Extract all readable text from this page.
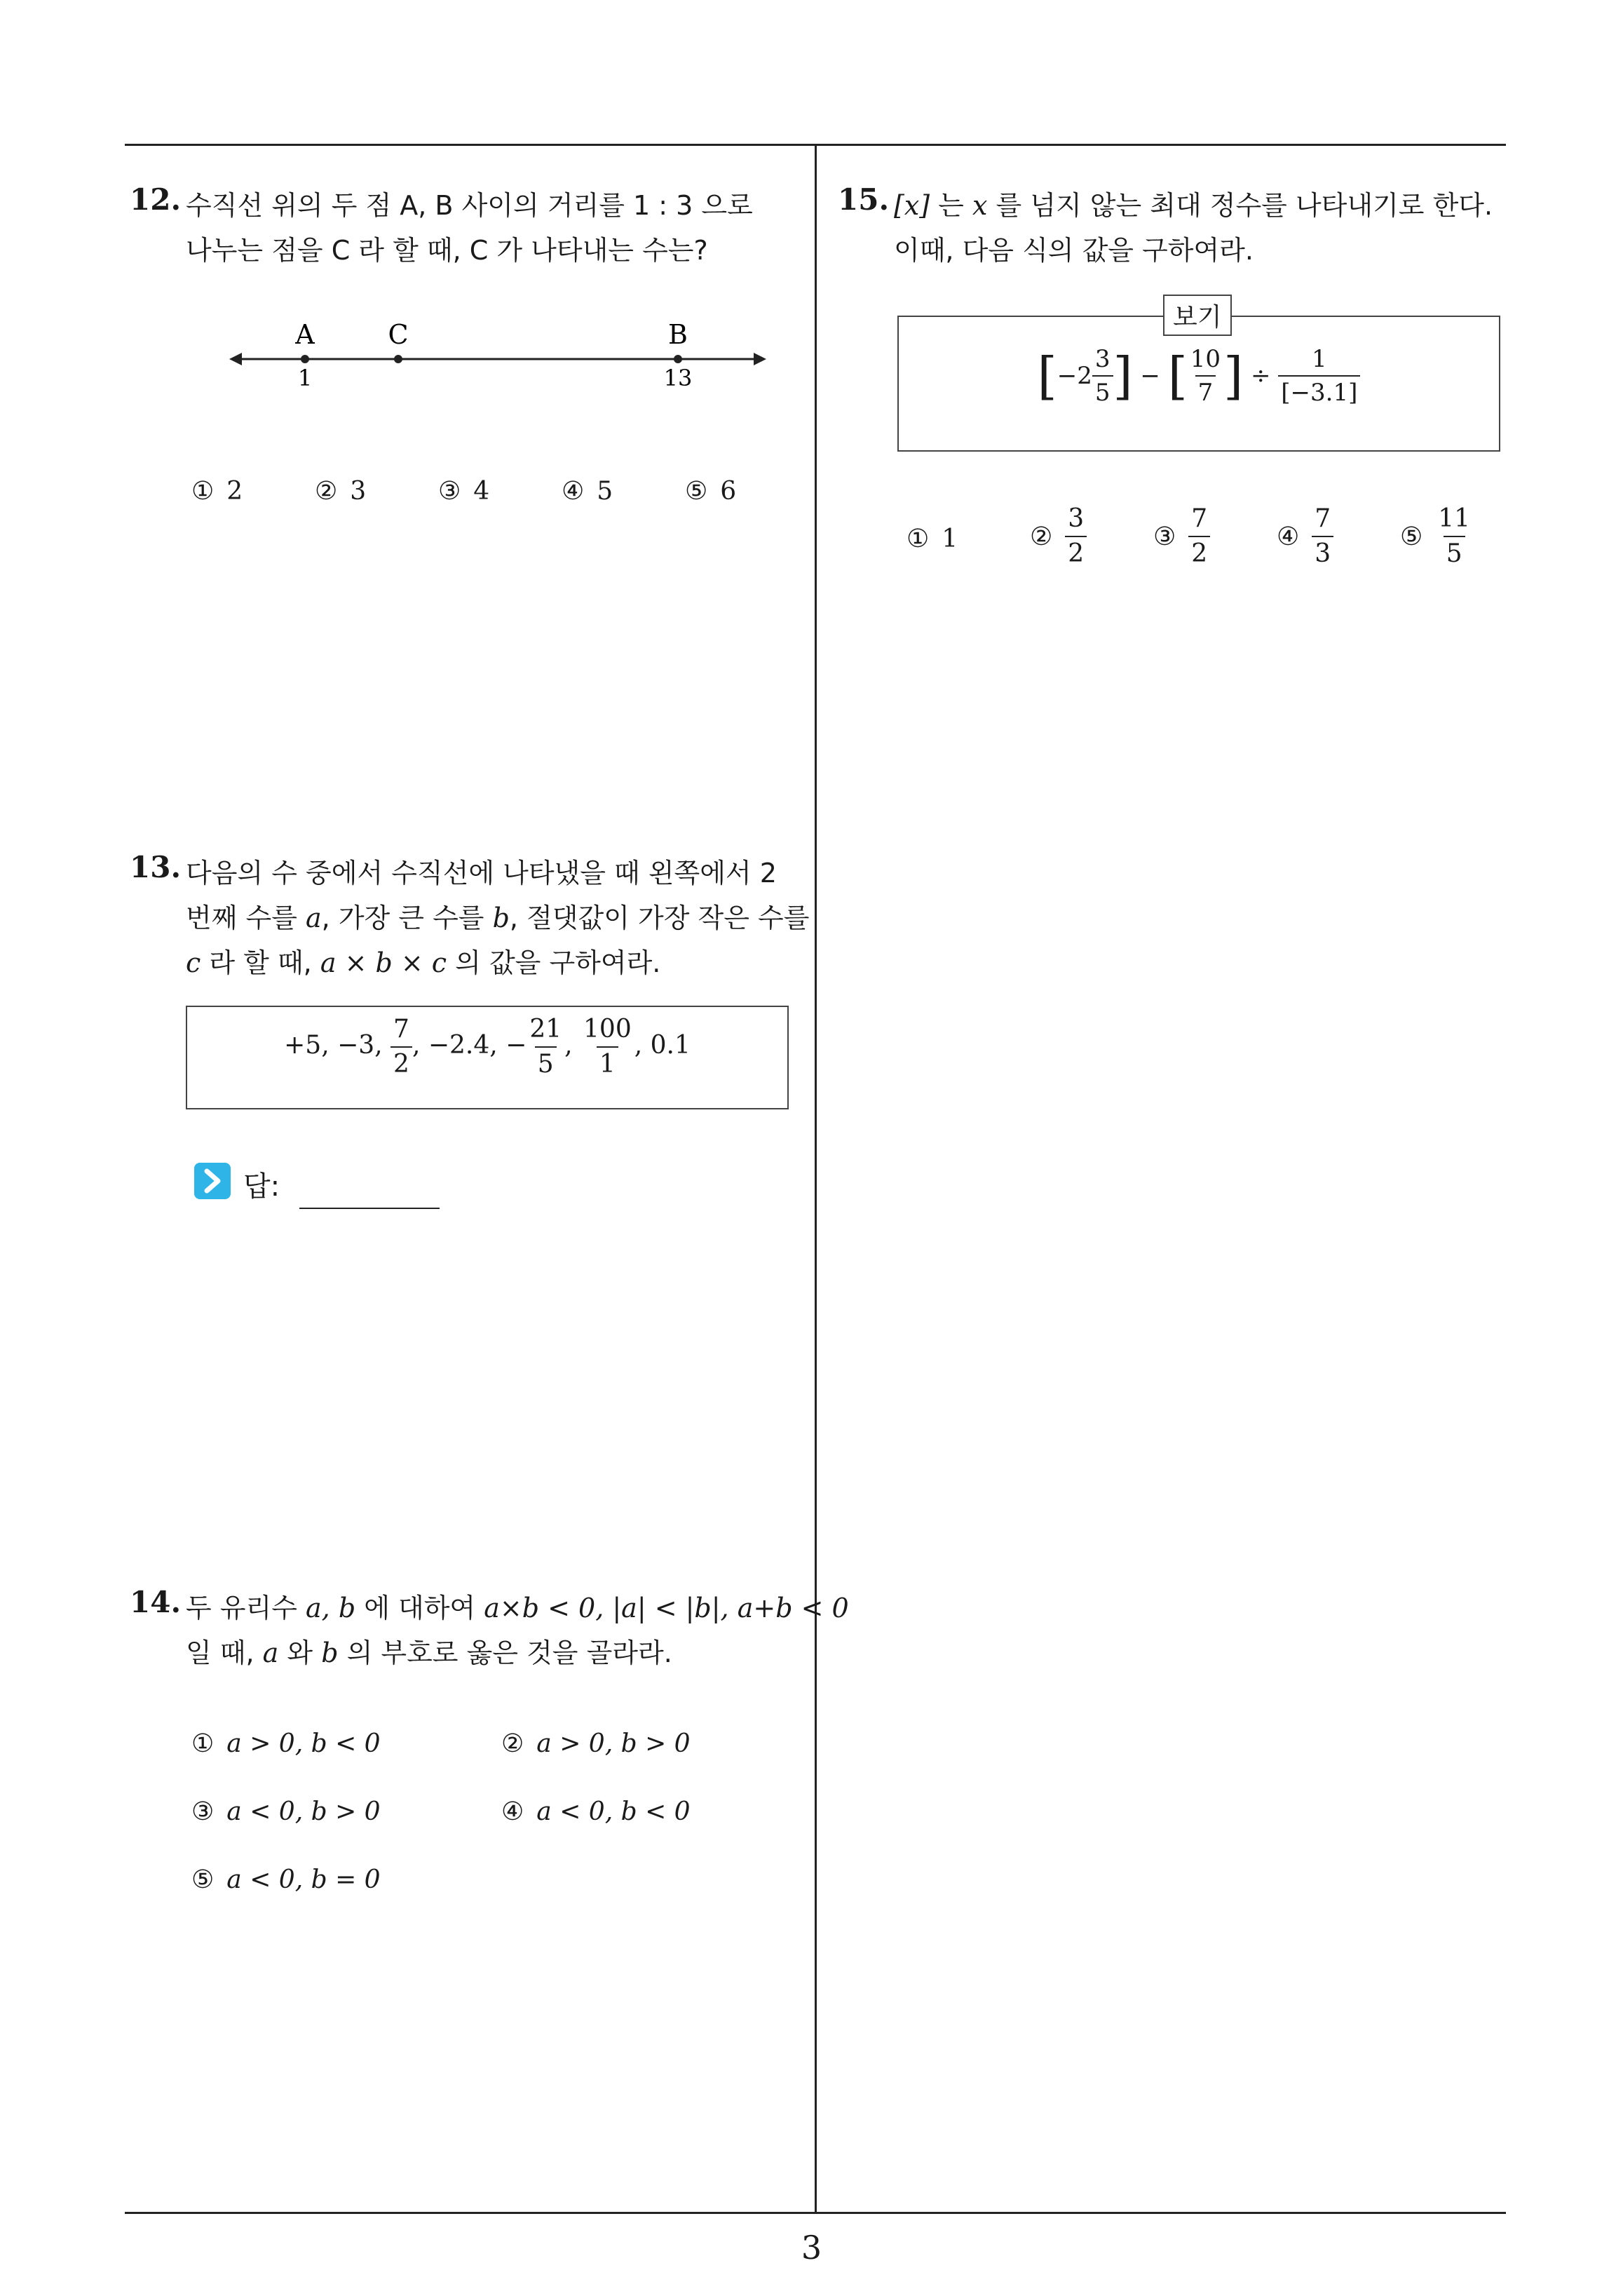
3
12. 수직선 위의 두 점 A, B 사이의 거리를 1 : 3 으로
나누는 점을 C 라 할 때, C 가 나타내는 수는?
A	C	B
1	13
① 2	② 3	③ 4	④ 5	⑤ 6
13. 다음의 수 중에서 수직선에 나타냈을 때 왼쪽에서 2
번째 수를 a, 가장 큰 수를 b, 절댓값이 가장 작은 수를
c 라 할 때, a × b × c 의 값을 구하여라.
+5, −3, $\frac{7}{2}$ , −2.4, − $\frac{21}{5}$ , $\frac{100}{1}$ , 0.1
답:
14. 두 유리수 a, b 에 대하여 a×b < 0, |a| < |b|, a+b < 0
일 때, a 와 b 의 부호로 옳은 것을 골라라.
① a > 0, b < 0	② a > 0, b > 0
③ a < 0, b > 0	④ a < 0, b < 0
⑤ a < 0, b = 0
15. [x] 는 x 를 넘지 않는 최대 정수를 나타내기로 한다.
이때, 다음 식의 값을 구하여라.
[$-2 \frac{3}{5}$ ] − [ $\frac{10}{7}$ ] ÷ $\frac{1}{[-3.1]}$
보기
① 1	② $\frac{3}{2}$	③ $\frac{7}{2}$	④ $\frac{7}{3}$	⑤ $\frac{11}{5}$
